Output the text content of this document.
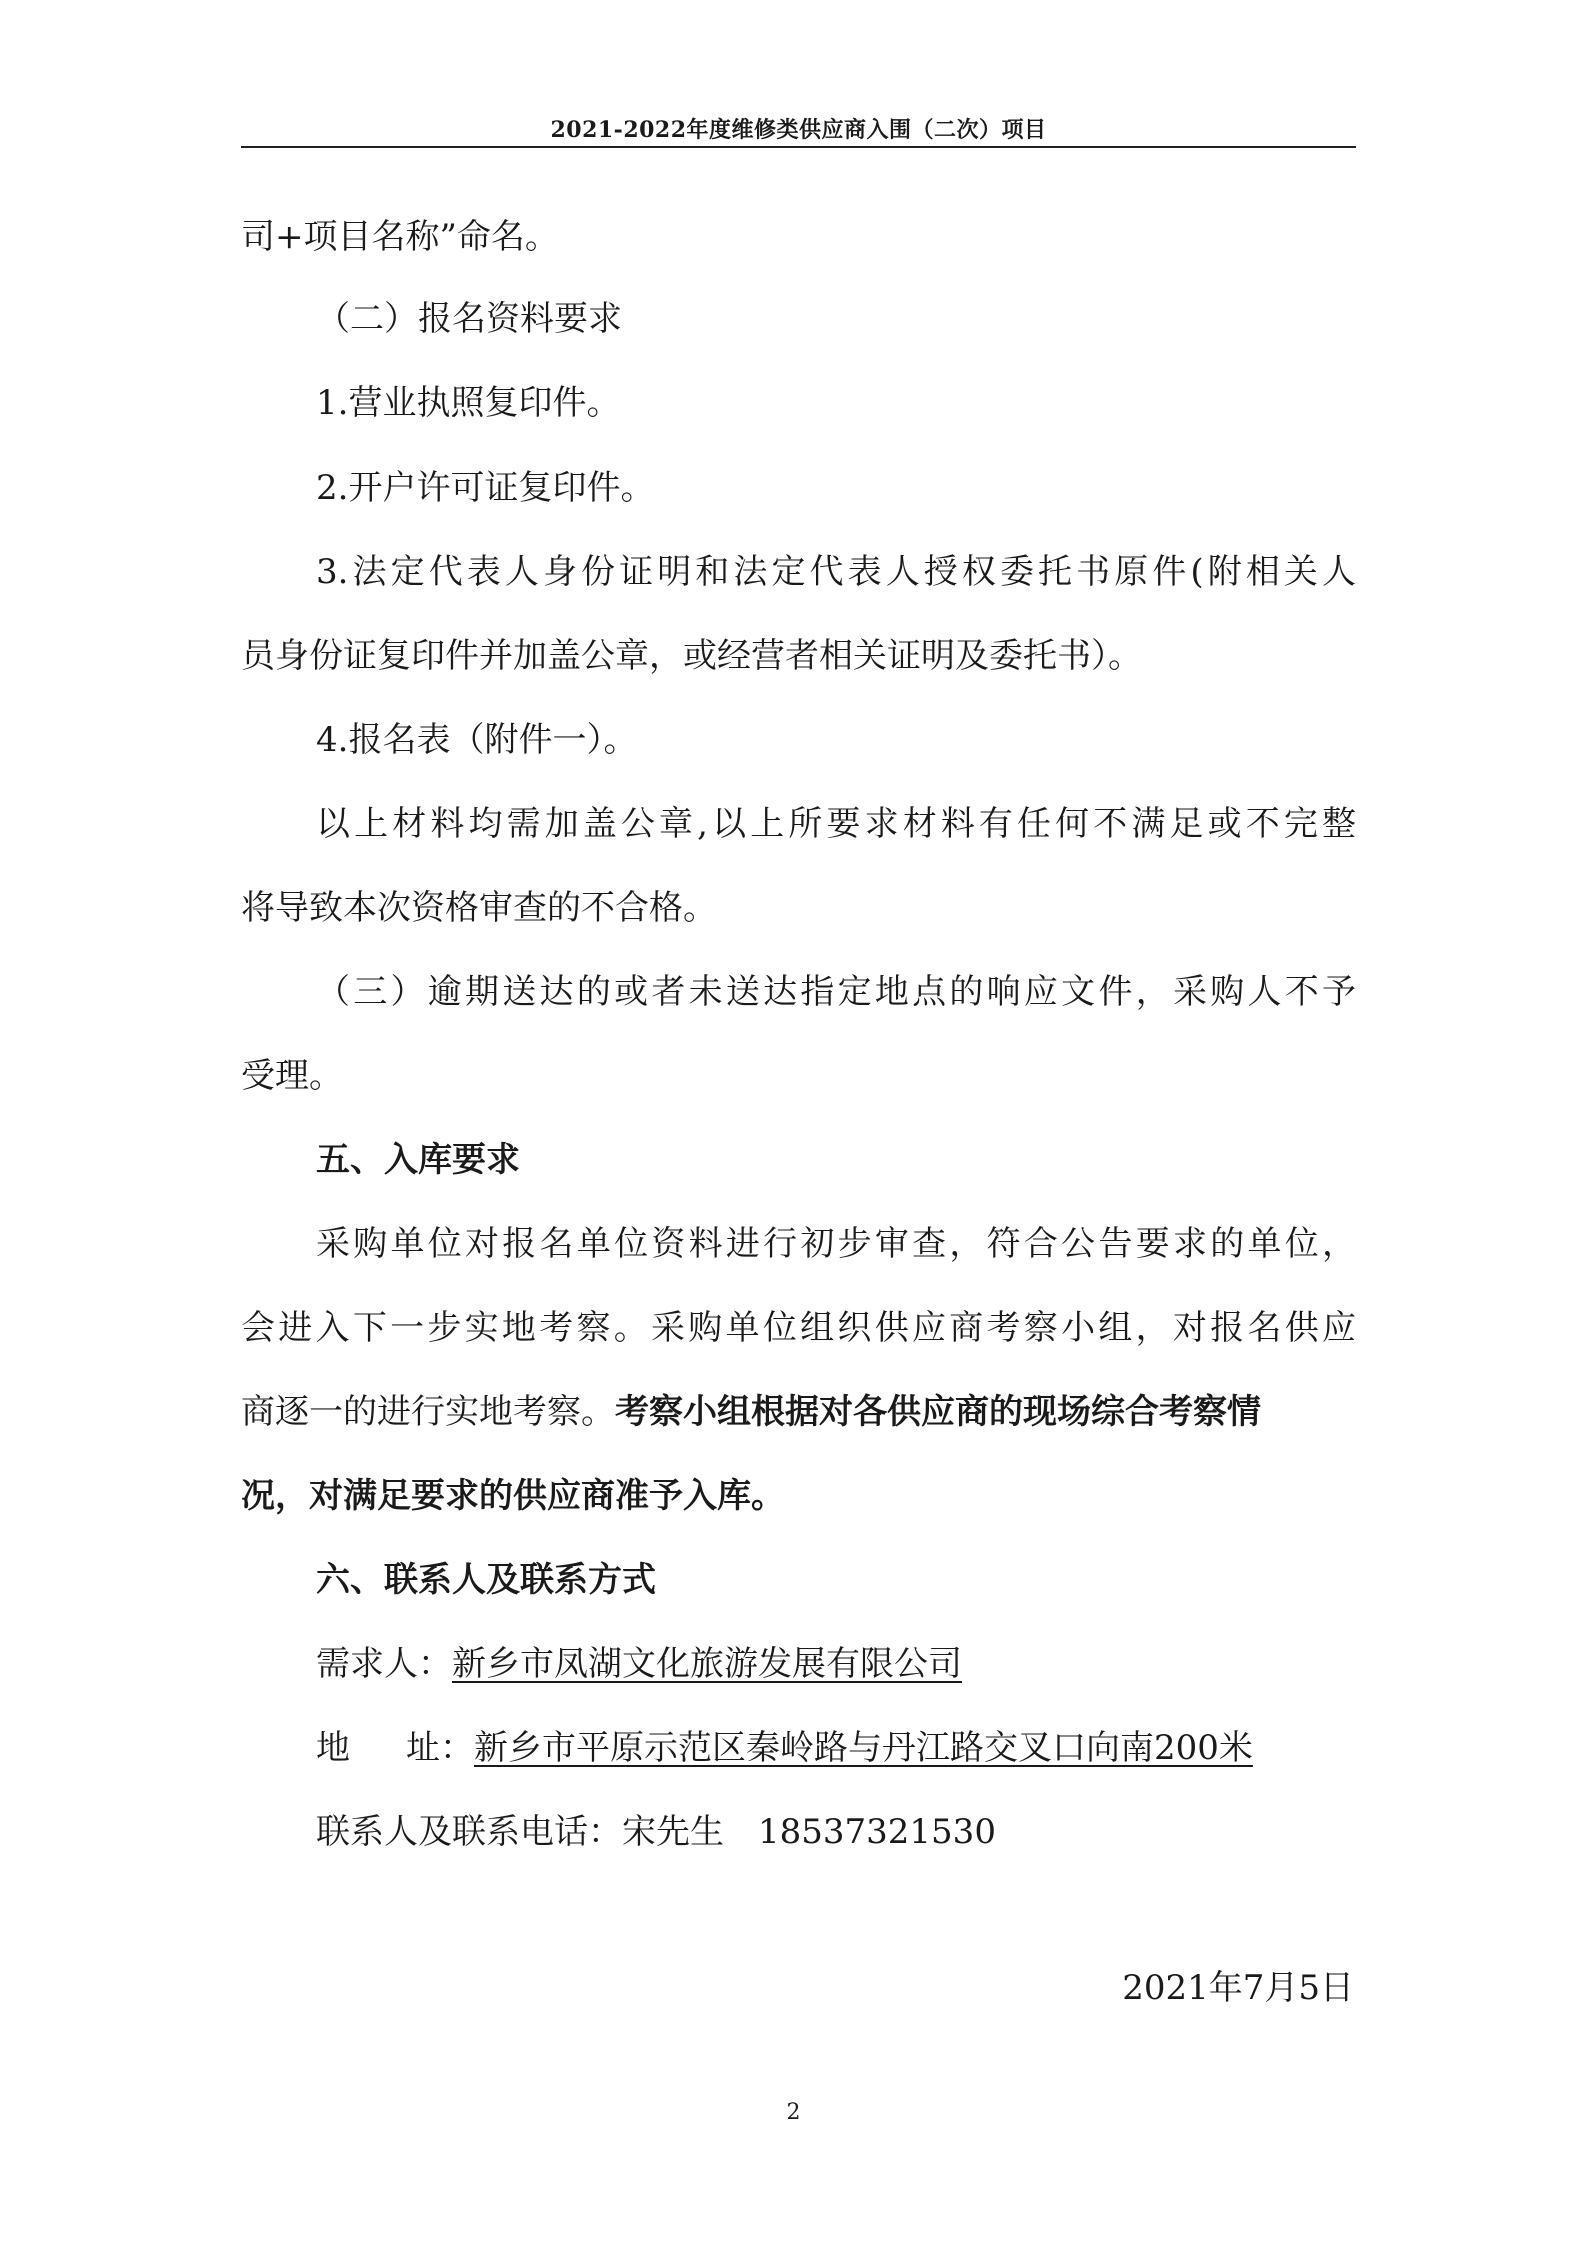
2021-2022年度维修类供应商入围（二次）项目
司+项目名称”命名。
（二）报名资料要求
1.营业执照复印件。
2.开户许可证复印件。
3.法定代表人身份证明和法定代表人授权委托书原件(附相关人
员身份证复印件并加盖公章，或经营者相关证明及委托书）。
4.报名表（附件一）。
以上材料均需加盖公章,以上所要求材料有任何不满足或不完整
将导致本次资格审查的不合格。
（三）逾期送达的或者未送达指定地点的响应文件，采购人不予
受理。
五、入库要求
采购单位对报名单位资料进行初步审查，符合公告要求的单位，
会进入下一步实地考察。采购单位组织供应商考察小组，对报名供应
商逐一的进行实地考察。考察小组根据对各供应商的现场综合考察情
况，对满足要求的供应商准予入库。
六、联系人及联系方式
需求人：新乡市凤湖文化旅游发展有限公司
地 址：新乡市平原示范区秦岭路与丹江路交叉口向南200米
联系人及联系电话：宋先生 18537321530
2021年7月5日
2
